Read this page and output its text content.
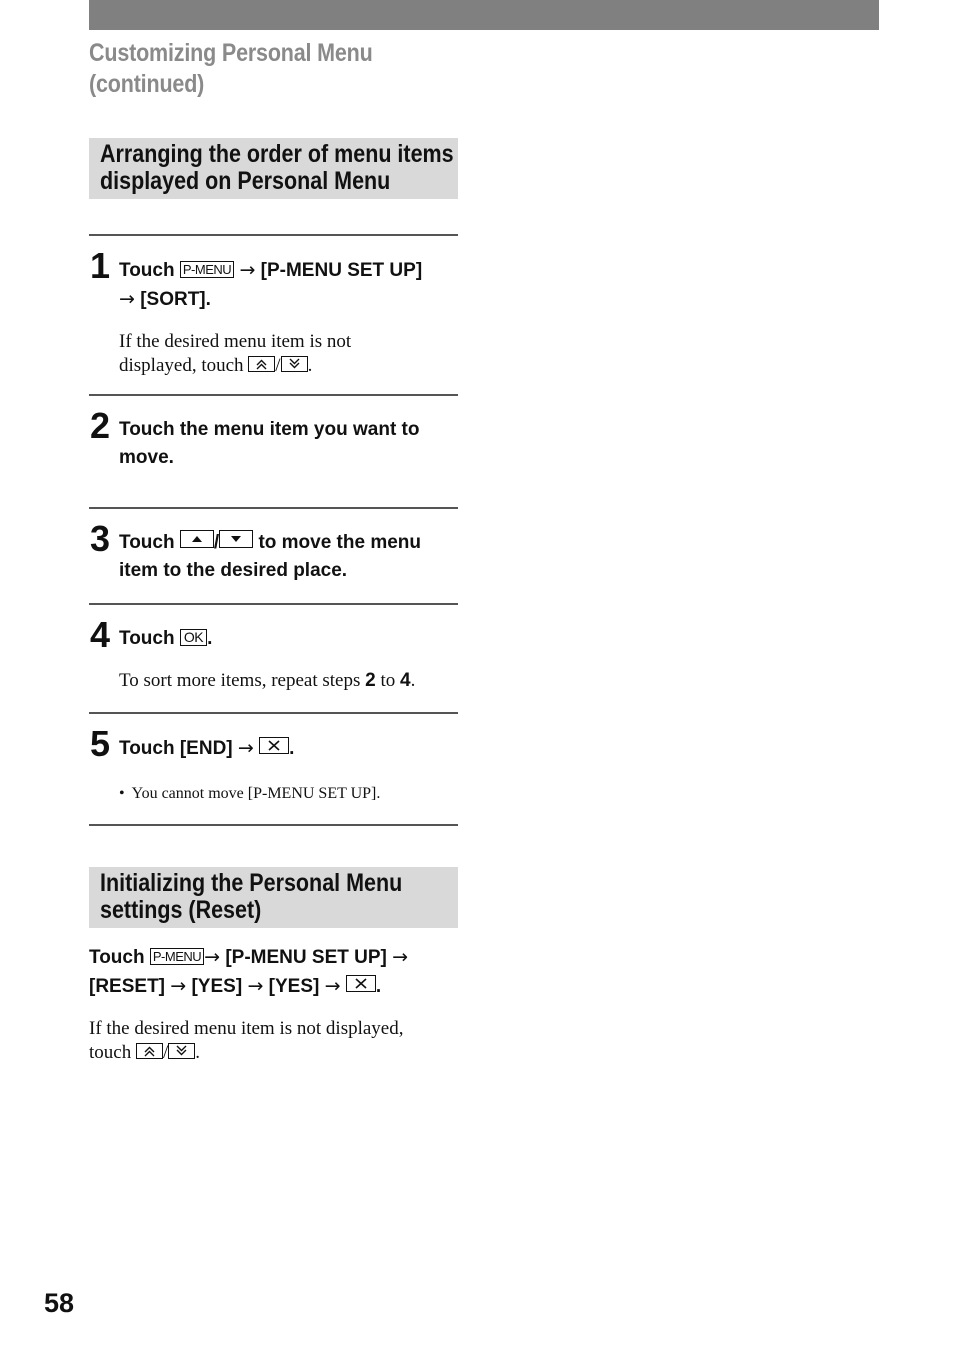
Customizing Personal Menu
(continued)
Arranging the order of menu items
displayed on Personal Menu
1 Touch P-MENU → [P-MENU SET UP]
→ [SORT].

If the desired menu item is not
displayed, touch / .

2 Touch the menu item you want to move.

3 Touch / to move the menu
item to the desired place.

4 Touch OK .

To sort more items, repeat steps 2 to 4.

5 Touch [END] → .

• You cannot move [P-MENU SET UP].

Initializing the Personal Menu
settings (Reset)

Touch P-MENU → [P-MENU SET UP] →
[RESET] → [YES] → [YES] → .

If the desired menu item is not displayed,
touch / .

58
